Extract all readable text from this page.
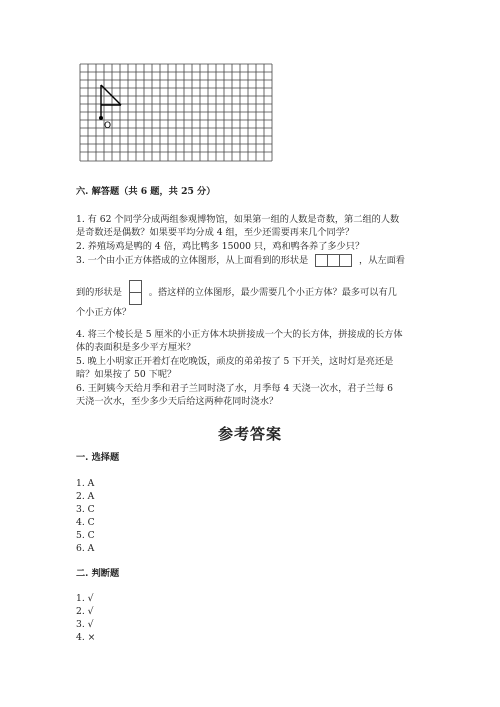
O
六. 解答题（共 6 题，共 25 分）
1. 有 62 个同学分成两组参观博物馆，如果第一组的人数是奇数，第二组的人数
是奇数还是偶数？如果要平均分成 4 组，至少还需要再来几个同学？
2. 养殖场鸡是鸭的 4 倍，鸡比鸭多 15000 只，鸡和鸭各养了多少只？
3. 一个由小正方体搭成的立体图形，从上面看到的形状是	，从左面看
到的形状是	。搭这样的立体图形，最少需要几个小正方体？最多可以有几
个小正方体？
4. 将三个棱长是 5 厘米的小正方体木块拼接成一个大的长方体，拼接成的长方体
体的表面积是多少平方厘米？
5. 晚上小明家正开着灯在吃晚饭，顽皮的弟弟按了 5 下开关，这时灯是亮还是
暗？如果按了 50 下呢？
6. 王阿姨今天给月季和君子兰同时浇了水，月季每 4 天浇一次水，君子兰每 6
天浇一次水，至少多少天后给这两种花同时浇水？
参考答案
一. 选择题
1. A
2. A
3. C
4. C
5. C
6. A
二. 判断题
1. √
2. √
3. √
4. ×
